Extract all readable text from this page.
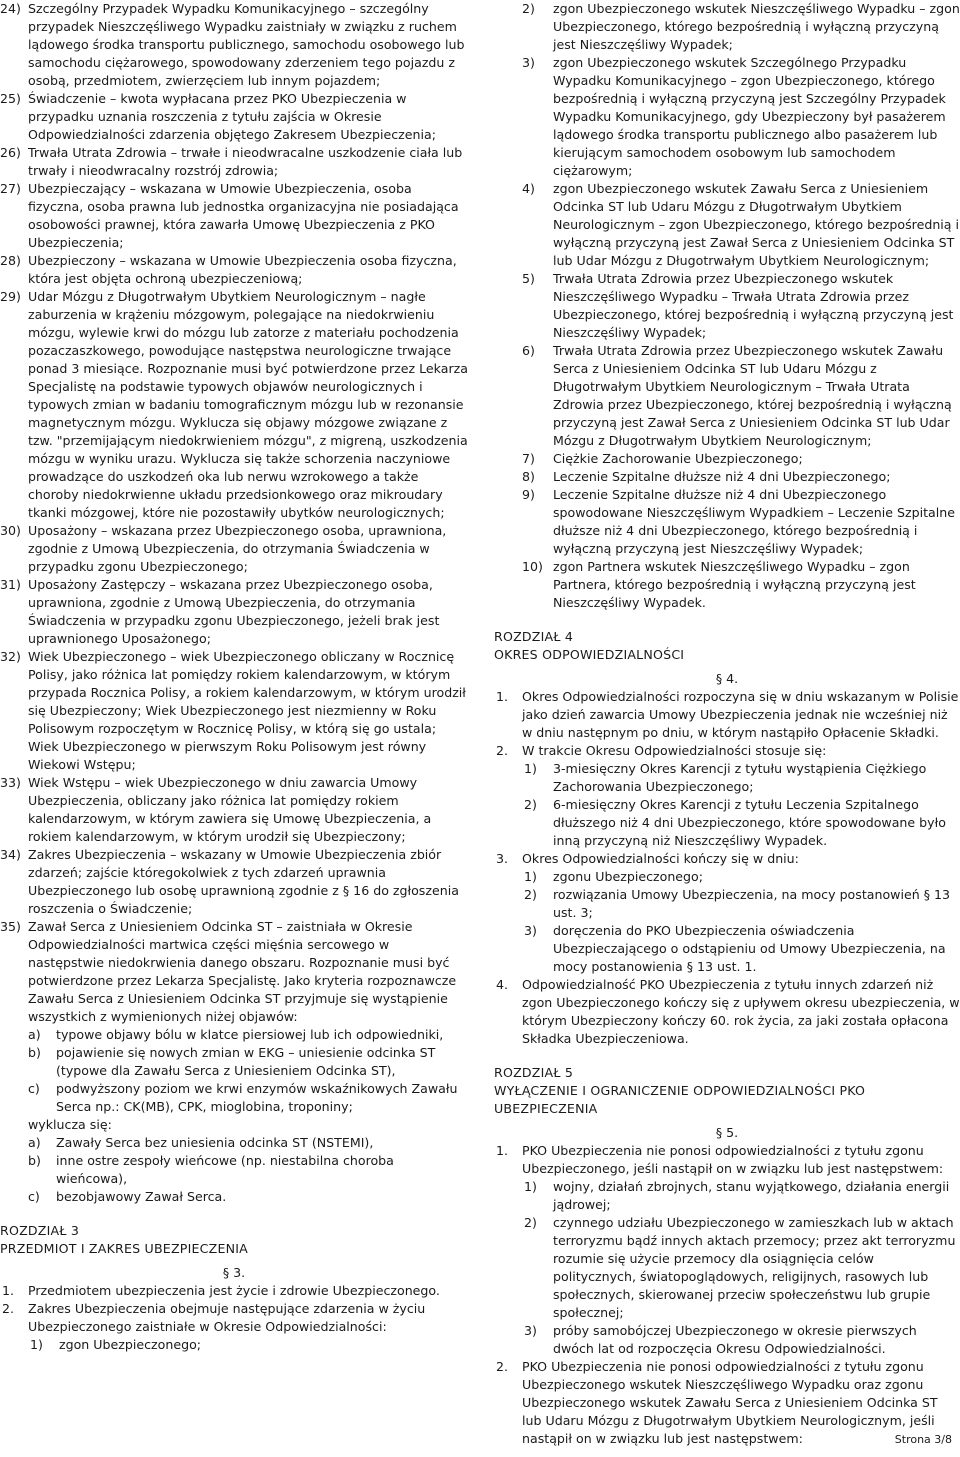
24) Szczególny Przypadek Wypadku Komunikacyjnego – szczególny przypadek Nieszczęśliwego Wypadku zaistniały w związku z ruchem lądowego środka transportu publicznego, samochodu osobowego lub samochodu ciężarowego, spowodowany zderzeniem tego pojazdu z osobą, przedmiotem, zwierzęciem lub innym pojazdem;

25) Świadczenie – kwota wypłacana przez PKO Ubezpieczenia w przypadku uznania roszczenia z tytułu zajścia w Okresie Odpowiedzialności zdarzenia objętego Zakresem Ubezpieczenia;

26) Trwała Utrata Zdrowia – trwałe i nieodwracalne uszkodzenie ciała lub trwały i nieodwracalny rozstrój zdrowia;

27) Ubezpieczający – wskazana w Umowie Ubezpieczenia, osoba fizyczna, osoba prawna lub jednostka organizacyjna nie posiadająca osobowości prawnej, która zawarła Umowę Ubezpieczenia z PKO Ubezpieczenia;

28) Ubezpieczony – wskazana w Umowie Ubezpieczenia osoba fizyczna, która jest objęta ochroną ubezpieczeniową;

29) Udar Mózgu z Długotrwałym Ubytkiem Neurologicznym – nagłe zaburzenia w krążeniu mózgowym, polegające na niedokrwieniu mózgu, wylewie krwi do mózgu lub zatorze z materiału pochodzenia pozaczaszkowego, powodujące następstwa neurologiczne trwające ponad 3 miesiące. Rozpoznanie musi być potwierdzone przez Lekarza Specjalistę na podstawie typowych objawów neurologicznych i typowych zmian w badaniu tomograficznym mózgu lub w rezonansie magnetycznym mózgu. Wyklucza się objawy mózgowe związane z tzw. "przemijającym niedokrwieniem mózgu", z migreną, uszkodzenia mózgu w wyniku urazu. Wyklucza się także schorzenia naczyniowe prowadzące do uszkodzeń oka lub nerwu wzrokowego a także choroby niedokrwienne układu przedsionkowego oraz mikroudary tkanki mózgowej, które nie pozostawiły ubytków neurologicznych;

30) Uposażony – wskazana przez Ubezpieczonego osoba, uprawniona, zgodnie z Umową Ubezpieczenia, do otrzymania Świadczenia w przypadku zgonu Ubezpieczonego;

31) Uposażony Zastępczy – wskazana przez Ubezpieczonego osoba, uprawniona, zgodnie z Umową Ubezpieczenia, do otrzymania Świadczenia w przypadku zgonu Ubezpieczonego, jeżeli brak jest uprawnionego Uposażonego;

32) Wiek Ubezpieczonego – wiek Ubezpieczonego obliczany w Rocznicę Polisy, jako różnica lat pomiędzy rokiem kalendarzowym, w którym przypada Rocznica Polisy, a rokiem kalendarzowym, w którym urodził się Ubezpieczony; Wiek Ubezpieczonego jest niezmienny w Roku Polisowym rozpoczętym w Rocznicę Polisy, w którą się go ustala; Wiek Ubezpieczonego w pierwszym Roku Polisowym jest równy Wiekowi Wstępu;

33) Wiek Wstępu – wiek Ubezpieczonego w dniu zawarcia Umowy Ubezpieczenia, obliczany jako różnica lat pomiędzy rokiem kalendarzowym, w którym zawiera się Umowę Ubezpieczenia, a rokiem kalendarzowym, w którym urodził się Ubezpieczony;

34) Zakres Ubezpieczenia – wskazany w Umowie Ubezpieczenia zbiór zdarzeń; zajście któregokolwiek z tych zdarzeń uprawnia Ubezpieczonego lub osobę uprawnioną zgodnie z § 16 do zgłoszenia roszczenia o Świadczenie;

35) Zawał Serca z Uniesieniem Odcinka ST – zaistniała w Okresie Odpowiedzialności martwica części mięśnia sercowego w następstwie niedokrwienia danego obszaru. Rozpoznanie musi być potwierdzone przez Lekarza Specjalistę. Jako kryteria rozpoznawcze Zawału Serca z Uniesieniem Odcinka ST przyjmuje się wystąpienie wszystkich z wymienionych niżej objawów:

a) typowe objawy bólu w klatce piersiowej lub ich odpowiedniki,

b) pojawienie się nowych zmian w EKG – uniesienie odcinka ST (typowe dla Zawału Serca z Uniesieniem Odcinka ST),

c) podwyższony poziom we krwi enzymów wskaźnikowych Zawału Serca np.: CK(MB), CPK, mioglobina, troponiny;

wyklucza się:

a) Zawały Serca bez uniesienia odcinka ST (NSTEMI),

b) inne ostre zespoły wieńcowe (np. niestabilna choroba wieńcowa),

c) bezobjawowy Zawał Serca.

ROZDZIAŁ 3

PRZEDMIOT I ZAKRES UBEZPIECZENIA

§ 3.

1. Przedmiotem ubezpieczenia jest życie i zdrowie Ubezpieczonego.

2. Zakres Ubezpieczenia obejmuje następujące zdarzenia w życiu Ubezpieczonego zaistniałe w Okresie Odpowiedzialności:

1) zgon Ubezpieczonego;

2) zgon Ubezpieczonego wskutek Nieszczęśliwego Wypadku – zgon Ubezpieczonego, którego bezpośrednią i wyłączną przyczyną jest Nieszczęśliwy Wypadek;

3) zgon Ubezpieczonego wskutek Szczególnego Przypadku Wypadku Komunikacyjnego – zgon Ubezpieczonego, którego bezpośrednią i wyłączną przyczyną jest Szczególny Przypadek Wypadku Komunikacyjnego, gdy Ubezpieczony był pasażerem lądowego środka transportu publicznego albo pasażerem lub kierującym samochodem osobowym lub samochodem ciężarowym;

4) zgon Ubezpieczonego wskutek Zawału Serca z Uniesieniem Odcinka ST lub Udaru Mózgu z Długotrwałym Ubytkiem Neurologicznym – zgon Ubezpieczonego, którego bezpośrednią i wyłączną przyczyną jest Zawał Serca z Uniesieniem Odcinka ST lub Udar Mózgu z Długotrwałym Ubytkiem Neurologicznym;

5) Trwała Utrata Zdrowia przez Ubezpieczonego wskutek Nieszczęśliwego Wypadku – Trwała Utrata Zdrowia przez Ubezpieczonego, której bezpośrednią i wyłączną przyczyną jest Nieszczęśliwy Wypadek;

6) Trwała Utrata Zdrowia przez Ubezpieczonego wskutek Zawału Serca z Uniesieniem Odcinka ST lub Udaru Mózgu z Długotrwałym Ubytkiem Neurologicznym – Trwała Utrata Zdrowia przez Ubezpieczonego, której bezpośrednią i wyłączną przyczyną jest Zawał Serca z Uniesieniem Odcinka ST lub Udar Mózgu z Długotrwałym Ubytkiem Neurologicznym;

7) Ciężkie Zachorowanie Ubezpieczonego;

8) Leczenie Szpitalne dłuższe niż 4 dni Ubezpieczonego;

9) Leczenie Szpitalne dłuższe niż 4 dni Ubezpieczonego spowodowane Nieszczęśliwym Wypadkiem – Leczenie Szpitalne dłuższe niż 4 dni Ubezpieczonego, którego bezpośrednią i wyłączną przyczyną jest Nieszczęśliwy Wypadek;

10) zgon Partnera wskutek Nieszczęśliwego Wypadku – zgon Partnera, którego bezpośrednią i wyłączną przyczyną jest Nieszczęśliwy Wypadek.

ROZDZIAŁ 4

OKRES ODPOWIEDZIALNOŚCI

§ 4.

1. Okres Odpowiedzialności rozpoczyna się w dniu wskazanym w Polisie jako dzień zawarcia Umowy Ubezpieczenia jednak nie wcześniej niż w dniu następnym po dniu, w którym nastąpiło Opłacenie Składki.

2. W trakcie Okresu Odpowiedzialności stosuje się:

1) 3-miesięczny Okres Karencji z tytułu wystąpienia Ciężkiego Zachorowania Ubezpieczonego;

2) 6-miesięczny Okres Karencji z tytułu Leczenia Szpitalnego dłuższego niż 4 dni Ubezpieczonego, które spowodowane było inną przyczyną niż Nieszczęśliwy Wypadek.

3. Okres Odpowiedzialności kończy się w dniu:

1) zgonu Ubezpieczonego;

2) rozwiązania Umowy Ubezpieczenia, na mocy postanowień § 13 ust. 3;

3) doręczenia do PKO Ubezpieczenia oświadczenia Ubezpieczającego o odstąpieniu od Umowy Ubezpieczenia, na mocy postanowienia § 13 ust. 1.

4. Odpowiedzialność PKO Ubezpieczenia z tytułu innych zdarzeń niż zgon Ubezpieczonego kończy się z upływem okresu ubezpieczenia, w którym Ubezpieczony kończy 60. rok życia, za jaki została opłacona Składka Ubezpieczeniowa.

ROZDZIAŁ 5

WYŁĄCZENIE I OGRANICZENIE ODPOWIEDZIALNOŚCI PKO UBEZPIECZENIA

§ 5.

1. PKO Ubezpieczenia nie ponosi odpowiedzialności z tytułu zgonu Ubezpieczonego, jeśli nastąpił on w związku lub jest następstwem:

1) wojny, działań zbrojnych, stanu wyjątkowego, działania energii jądrowej;

2) czynnego udziału Ubezpieczonego w zamieszkach lub w aktach terroryzmu bądź innych aktach przemocy; przez akt terroryzmu rozumie się użycie przemocy dla osiągnięcia celów politycznych, światopoglądowych, religijnych, rasowych lub społecznych, skierowanej przeciw społeczeństwu lub grupie społecznej;

3) próby samobójczej Ubezpieczonego w okresie pierwszych dwóch lat od rozpoczęcia Okresu Odpowiedzialności.

2. PKO Ubezpieczenia nie ponosi odpowiedzialności z tytułu zgonu Ubezpieczonego wskutek Nieszczęśliwego Wypadku oraz zgonu Ubezpieczonego wskutek Zawału Serca z Uniesieniem Odcinka ST lub Udaru Mózgu z Długotrwałym Ubytkiem Neurologicznym, jeśli nastąpił on w związku lub jest następstwem:	Strona 3/8
